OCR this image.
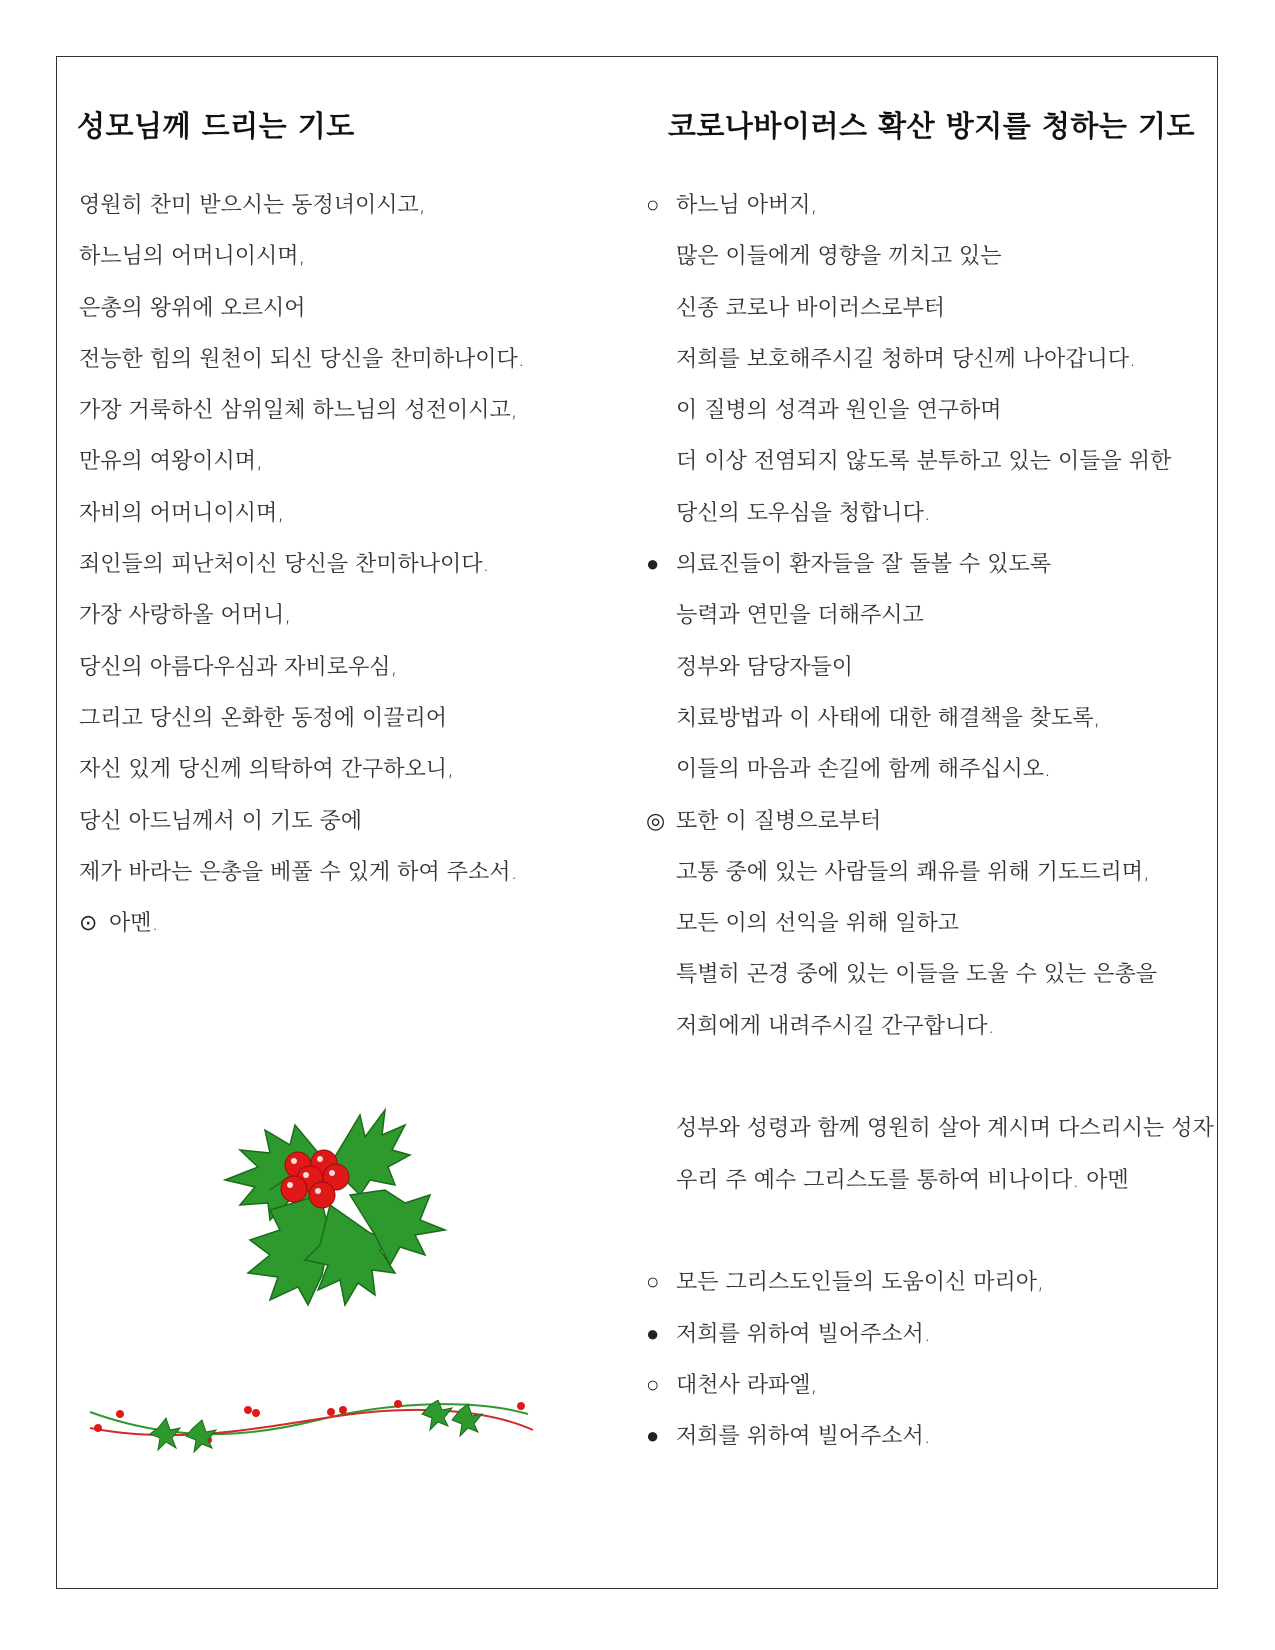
성모님께 드리는 기도	코로나바이러스 확산 방지를 청하는 기도
영원히 찬미 받으시는 동정녀이시고,
하느님의 어머니이시며,
은총의 왕위에 오르시어
전능한 힘의 원천이 되신 당신을 찬미하나이다.
가장 거룩하신 삼위일체 하느님의 성전이시고,
만유의 여왕이시며,
자비의 어머니이시며,
죄인들의 피난처이신 당신을 찬미하나이다.
가장 사랑하올 어머니,
당신의 아름다우심과 자비로우심,
그리고 당신의 온화한 동정에 이끌리어
자신 있게 당신께 의탁하여 간구하오니,
당신 아드님께서 이 기도 중에
제가 바라는 은총을 베풀 수 있게 하여 주소서.
⊙ 아멘.
○ 하느님 아버지,
많은 이들에게 영향을 끼치고 있는
신종 코로나 바이러스로부터
저희를 보호해주시길 청하며 당신께 나아갑니다.
이 질병의 성격과 원인을 연구하며
더 이상 전염되지 않도록 분투하고 있는 이들을 위한
당신의 도우심을 청합니다.
● 의료진들이 환자들을 잘 돌볼 수 있도록
능력과 연민을 더해주시고
정부와 담당자들이
치료방법과 이 사태에 대한 해결책을 찾도록,
이들의 마음과 손길에 함께 해주십시오.
◎ 또한 이 질병으로부터
고통 중에 있는 사람들의 쾌유를 위해 기도드리며,
모든 이의 선익을 위해 일하고
특별히 곤경 중에 있는 이들을 도울 수 있는 은총을
저희에게 내려주시길 간구합니다.
성부와 성령과 함께 영원히 살아 계시며 다스리시는 성자
우리 주 예수 그리스도를 통하여 비나이다. 아멘
○ 모든 그리스도인들의 도움이신 마리아,
● 저희를 위하여 빌어주소서.
○ 대천사 라파엘,
● 저희를 위하여 빌어주소서.
